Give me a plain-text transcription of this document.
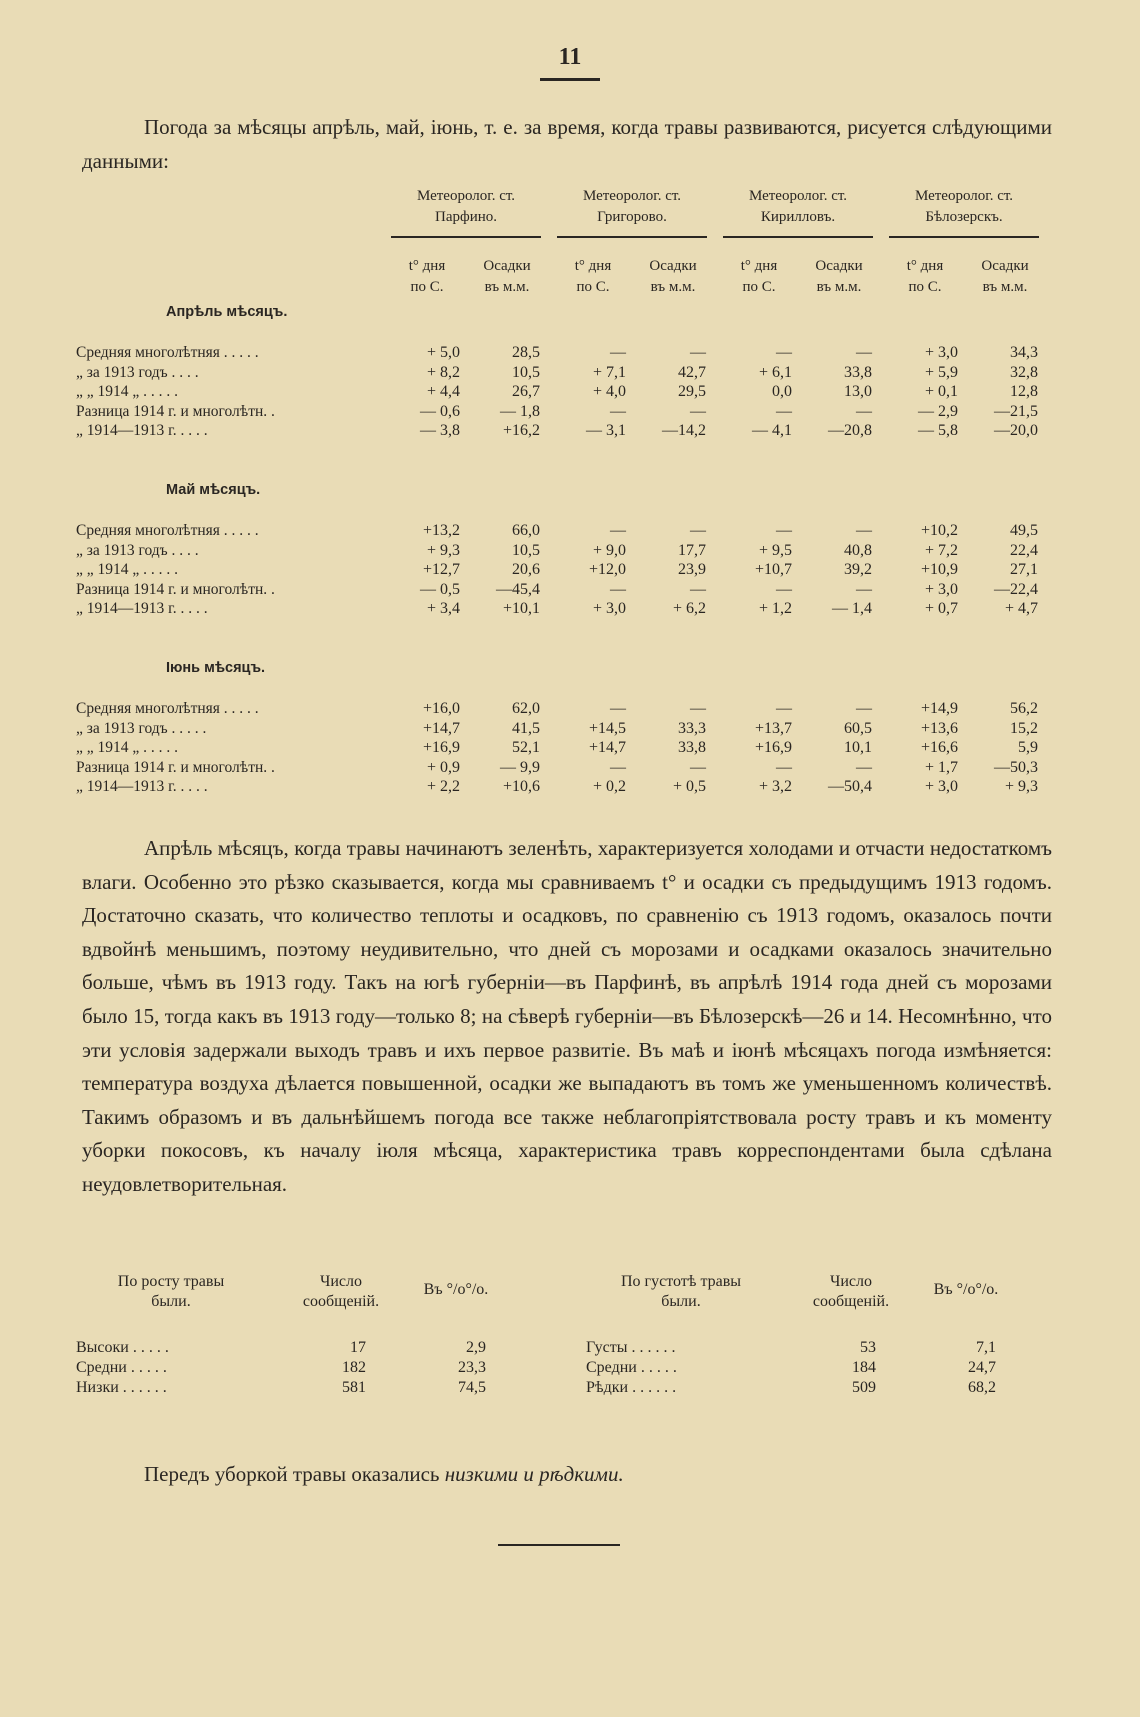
11
Погода за мѣсяцы апрѣль, май, іюнь, т. е. за время, когда травы развиваются, рисуется слѣдующими данными:
Метеоролог. ст.
Парфино.
Метеоролог. ст.
Григорово.
Метеоролог. ст.
Кирилловъ.
Метеоролог. ст.
Бѣлозерскъ.
t° дня
по С.
Осадки
въ м.м.
t° дня
по С.
Осадки
въ м.м.
t° дня
по С.
Осадки
въ м.м.
t° дня
по С.
Осадки
въ м.м.
Апрѣль мѣсяцъ.
Средняя многолѣтняя . . . . .	+ 5,0	28,5	—	—	—	—	+ 3,0	34,3
„ за 1913 годъ . . . .	+ 8,2	10,5	+ 7,1	42,7	+ 6,1	33,8	+ 5,9	32,8
„ „ 1914 „ . . . . .	+ 4,4	26,7	+ 4,0	29,5	0,0	13,0	+ 0,1	12,8
Разница 1914 г. и многолѣтн. .	— 0,6	— 1,8	—	—	—	—	— 2,9	—21,5
„ 1914—1913 г. . . . .	— 3,8	+16,2	— 3,1	—14,2	— 4,1	—20,8	— 5,8	—20,0
Май мѣсяцъ.
Средняя многолѣтняя . . . . .	+13,2	66,0	—	—	—	—	+10,2	49,5
„ за 1913 годъ . . . .	+ 9,3	10,5	+ 9,0	17,7	+ 9,5	40,8	+ 7,2	22,4
„ „ 1914 „ . . . . .	+12,7	20,6	+12,0	23,9	+10,7	39,2	+10,9	27,1
Разница 1914 г. и многолѣтн. .	— 0,5	—45,4	—	—	—	—	+ 3,0	—22,4
„ 1914—1913 г. . . . .	+ 3,4	+10,1	+ 3,0	+ 6,2	+ 1,2	— 1,4	+ 0,7	+ 4,7
Іюнь мѣсяцъ.
Средняя многолѣтняя . . . . .	+16,0	62,0	—	—	—	—	+14,9	56,2
„ за 1913 годъ . . . . .	+14,7	41,5	+14,5	33,3	+13,7	60,5	+13,6	15,2
„ „ 1914 „ . . . . .	+16,9	52,1	+14,7	33,8	+16,9	10,1	+16,6	5,9
Разница 1914 г. и многолѣтн. .	+ 0,9	— 9,9	—	—	—	—	+ 1,7	—50,3
„ 1914—1913 г. . . . .	+ 2,2	+10,6	+ 0,2	+ 0,5	+ 3,2	—50,4	+ 3,0	+ 9,3

Апрѣль мѣсяцъ, когда травы начинаютъ зеленѣть, характеризуется холодами и отчасти недостаткомъ влаги. Особенно это рѣзко сказывается, когда мы сравниваемъ t° и осадки съ предыдущимъ 1913 годомъ. Достаточно сказать, что количество теплоты и осадковъ, по сравненію съ 1913 годомъ, оказалось почти вдвойнѣ меньшимъ, поэтому неудивительно, что дней съ морозами и осадками оказалось значительно больше, чѣмъ въ 1913 году. Такъ на югѣ губерніи—въ Парфинѣ, въ апрѣлѣ 1914 года дней съ морозами было 15, тогда какъ въ 1913 году—только 8; на сѣверѣ губерніи—въ Бѣлозерскѣ—26 и 14. Несомнѣнно, что эти условія задержали выходъ травъ и ихъ первое развитіе. Въ маѣ и іюнѣ мѣсяцахъ погода измѣняется: температура воздуха дѣлается повышенной, осадки же выпадаютъ въ томъ же уменьшенномъ количествѣ. Такимъ образомъ и въ дальнѣйшемъ погода все также неблагопріятствовала росту травъ и къ моменту уборки покосовъ, къ началу іюля мѣсяца, характеристика травъ корреспондентами была сдѣлана неудовлетворительная.

По росту травы
были.
Число
сообщеній.
Въ °/о°/о.
Высоки . . . . .	17	2,9
Средни . . . . .	182	23,3
Низки . . . . . .	581	74,5
По густотѣ травы
были.
Число
сообщеній.
Въ °/о°/о.
Густы . . . . . .	53	7,1
Средни . . . . .	184	24,7
Рѣдки . . . . . .	509	68,2
Передъ уборкой травы оказались низкими и рѣдкими.
